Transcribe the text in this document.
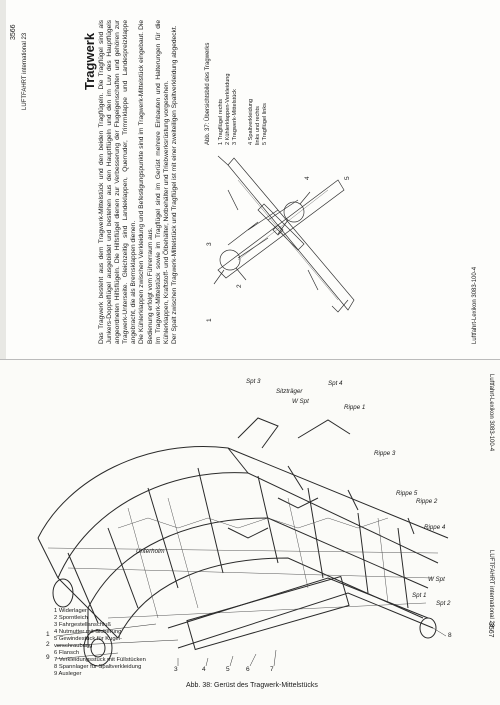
Tragwerk Das Tragwerk besteht aus dem Tragwerk-Mittelstück und den beiden Tragflügeln. Die Tragflügel sind als Junkers-Doppelflügel ausgebildet und bestehen aus den Hauptflügeln und den im Luv des Hauptflügels angeordneten Hilfsflügeln. Die Hilfsflügel dienen zur Verbesserung der Flugeigenschaften und gehören zur Tragwerk-Unterseite. Gleichzeitig sind Landeklappen, Querruder, Trimmklappe und Landespreizklappe angebracht, die als Bremsklappen dienen. Die Kühlerklappen zwischen Verkleidung und Befestigungspunkte sind im Tragwerk-Mittelstück eingebaut. Die Bedienung erfolgt vom Führerraum aus. Im Tragwerk-Mittelstück sowie im Tragflügel sind im Gerüst mehrere Einbauten und Halterungen für die Kühlerklappen, Kraftstoff- und Ölbehälter, Notbehälter und Triebwerksrüstung vorgesehen. Der Spalt zwischen Tragwerk-Mittelstück und Tragflügel ist mit einer zweiteiligen Spaltverkleidung abgedeckt.	1
2
3
4	5
Abb. 37: Übersichtsbild des Tragwerks 1 Tragflügel rechts 2 Kühlerklappen-Verkleidung 3 Tragwerk-Mittelstück 4 Spaltverkleidung links und rechts 5 Tragflügel links
Luftfahrt-Lexikon 3083-100-4
LUFTFAHRT international 23
3566
Luftfahrt-Lexikon 3083-100-4
LUFTFAHRT international 23
3567
Spt 3	Spt 4
Sitzträger
W Spt
Rippe 1
Rippe 3
Rippe 5
Rippe 2
Rippe 4
Unterholm
W Spt
Spt 1
Spt 2
1
2
9
3	4	5	6	7
8
1 Widerlager
2 Sporntleich
3 Fahrgestellanschluß
4 Nutmutter mit Sicherung
5 Gewindestück für Kugel-
verschraubung
6 Flansch
7 Verkleidungsstück mit Füllstücken
8 Spannlager für Spaltverkleidung
9 Ausleger
Abb. 38: Gerüst des Tragwerk-Mittelstücks
